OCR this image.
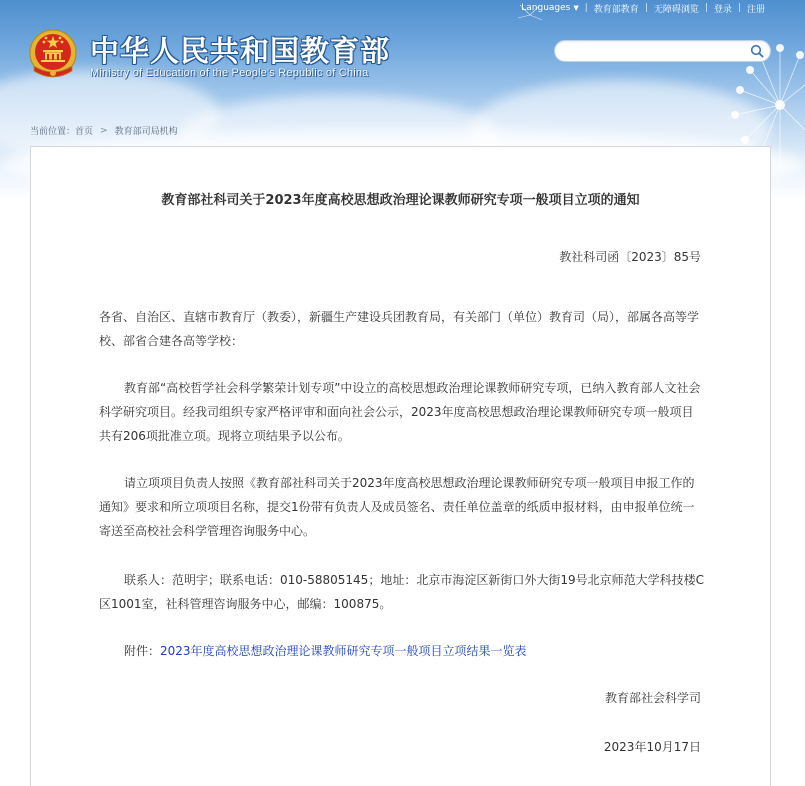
Languages ▼ | 教育部教育 | 无障碍浏览 | 登录 | 注册
中华人民共和国教育部
Ministry of Education of the People's Republic of China
当前位置： 首页 > 教育部司局机构
教育部社科司关于2023年度高校思想政治理论课教师研究专项一般项目立项的通知
教社科司函〔2023〕85号

各省、自治区、直辖市教育厅（教委），新疆生产建设兵团教育局，有关部门（单位）教育司（局），部属各高等学校、部省合建各高等学校：

教育部“高校哲学社会科学繁荣计划专项”中设立的高校思想政治理论课教师研究专项，已纳入教育部人文社会科学研究项目。经我司组织专家严格评审和面向社会公示，2023年度高校思想政治理论课教师研究专项一般项目共有206项批准立项。现将立项结果予以公布。

请立项项目负责人按照《教育部社科司关于2023年度高校思想政治理论课教师研究专项一般项目申报工作的通知》要求和所立项项目名称，提交1份带有负责人及成员签名、责任单位盖章的纸质申报材料，由申报单位统一寄送至高校社会科学管理咨询服务中心。

联系人：范明宇；联系电话：010-58805145；地址：北京市海淀区新街口外大街19号北京师范大学科技楼C区1001室，社科管理咨询服务中心，邮编：100875。

附件：2023年度高校思想政治理论课教师研究专项一般项目立项结果一览表
教育部社会科学司
2023年10月17日
